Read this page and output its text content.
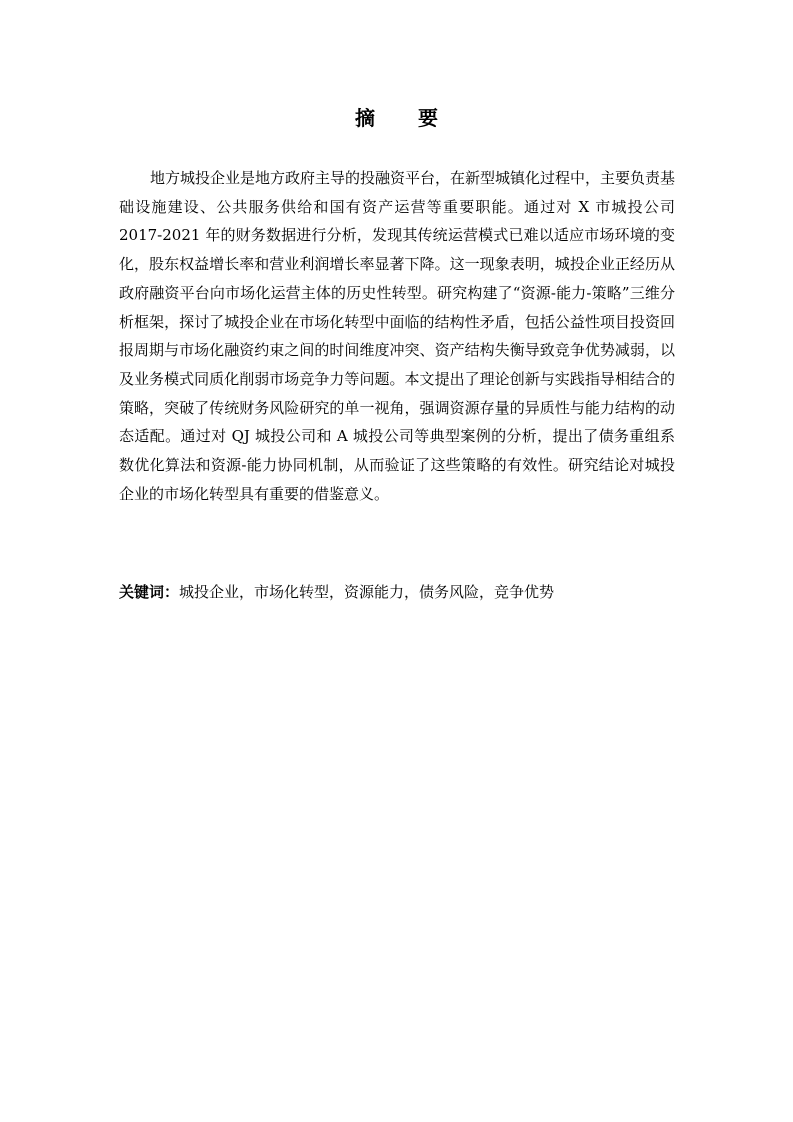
摘 要

地方城投企业是地方政府主导的投融资平台，在新型城镇化过程中，主要负责基础设施建设、公共服务供给和国有资产运营等重要职能。通过对 X 市城投公司 2017-2021 年的财务数据进行分析，发现其传统运营模式已难以适应市场环境的变化，股东权益增长率和营业利润增长率显著下降。这一现象表明，城投企业正经历从政府融资平台向市场化运营主体的历史性转型。研究构建了“资源-能力-策略”三维分析框架，探讨了城投企业在市场化转型中面临的结构性矛盾，包括公益性项目投资回报周期与市场化融资约束之间的时间维度冲突、资产结构失衡导致竞争优势减弱，以及业务模式同质化削弱市场竞争力等问题。本文提出了理论创新与实践指导相结合的策略，突破了传统财务风险研究的单一视角，强调资源存量的异质性与能力结构的动态适配。通过对 QJ 城投公司和 A 城投公司等典型案例的分析，提出了债务重组系数优化算法和资源-能力协同机制，从而验证了这些策略的有效性。研究结论对城投企业的市场化转型具有重要的借鉴意义。

关键词：城投企业，市场化转型，资源能力，债务风险，竞争优势
